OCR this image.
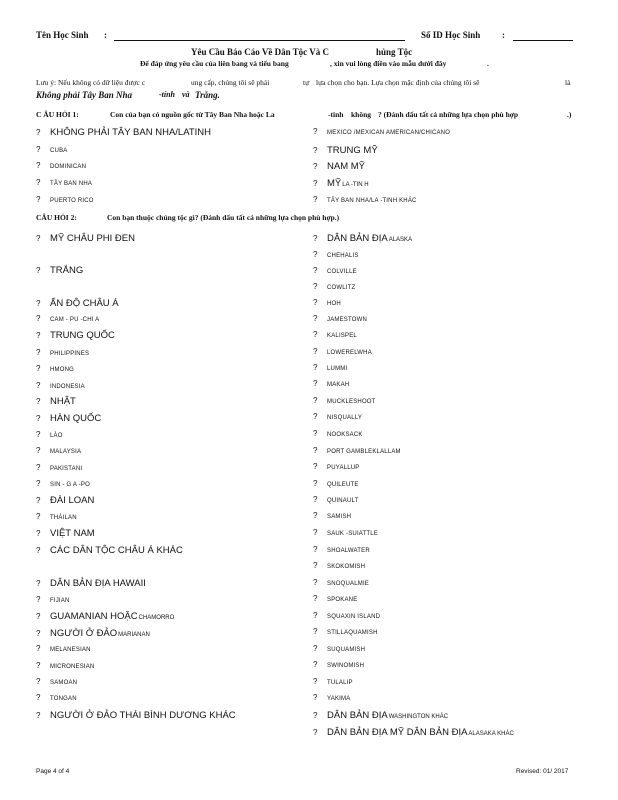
Tên Học Sinh :	Số ID Học Sinh :
Yêu Cầu Báo Cáo Về Dân Tộc Và C	hủng Tộc
Để đáp ứng yêu cầu của liên bang và tiểu bang	, xin vui lòng điền vào mẫu dưới đây	.
Lưu ý: Nếu không có dữ liệu được c	ung cấp, chúng tôi sẽ phải	tự lựa chọn cho bạn. Lựa chọn mặc định của chúng tôi sẽ	là
Không phải Tây Ban Nha	-tính và Trắng.
C ÂU HỎI 1:	Con của bạn có nguồn gốc từ Tây Ban Nha hoặc La	-tinh không ? (Đánh dấu tất cả những lựa chọn phù hợp	.)
?	KHÔNG PHẢI TÂY BAN NHA/LATINH
?	CUBA
?	DOMINICAN
?	TÂY BAN NHA
?	PUERTO RICO
?	MEXICO /MEXICAN AMERICAN/CHICANO
?	TRUNG MỸ
?	NAM MỸ
?	MỸ LA -TIN H
?	TÂY BAN NHA/LA -TINH KHÁC
CÂU HỎI 2:	Con bạn thuộc chủng tộc gì? (Đánh dấu tất cả những lựa chọn phù hợp.)
?	MỸ CHÂU PHI ĐEN
?	TRẮNG
?	ẤN ĐỘ CHÂU Á
?	CAM - PU -CHI A
?	TRUNG QUỐC
?	PHILIPPINES
?	HMONG
?	INDONESIA
?	NHẬT
?	HÀN QUỐC
?	LÀO
?	MALAYSIA
?	PAKISTANI
?	SIN - G A -PO
?	ĐÀI LOAN
?	THÁILAN
?	VIỆT NAM
?	CÁC DÂN TỘC CHÂU Á KHÁC
?	DÂN BẢN ĐỊA HAWAII
?	FIJIAN
?	GUAMANIAN HOẶC CHAMORRO
?	NGƯỜI Ở ĐẢO MARIANAN
?	MELANESIAN
?	MICRONESIAN
?	SAMOAN
?	TONGAN
?	NGƯỜI Ở ĐẢO THÁI BÌNH DƯƠNG KHÁC
?	DÂN BẢN ĐỊA ALASKA
?	CHEHALIS
?	COLVILLE
?	COWLITZ
?	HOH
?	JAMESTOWN
?	KALISPEL
?	LOWERELWHA
?	LUMMI
?	MAKAH
?	MUCKLESHOOT
?	NISQUALLY
?	NOOKSACK
?	PORT GAMBLEKLALLAM
?	PUYALLUP
?	QUILEUTE
?	QUINAULT
?	SAMISH
?	SAUK -SUIATTLE
?	SHOALWATER
?	SKOKOMISH
?	SNOQUALMIE
?	SPOKANE
?	SQUAXIN ISLAND
?	STILLAQUAMISH
?	SUQUAMISH
?	SWINOMISH
?	TULALIP
?	YAKIMA
?	DÂN BẢN ĐỊA WASHINGTON KHÁC
?	DÂN BẢN ĐỊA MỸ DÂN BẢN ĐỊA ALASAKA KHÁC
Page 4 of 4	Revised: 01/ 2017
